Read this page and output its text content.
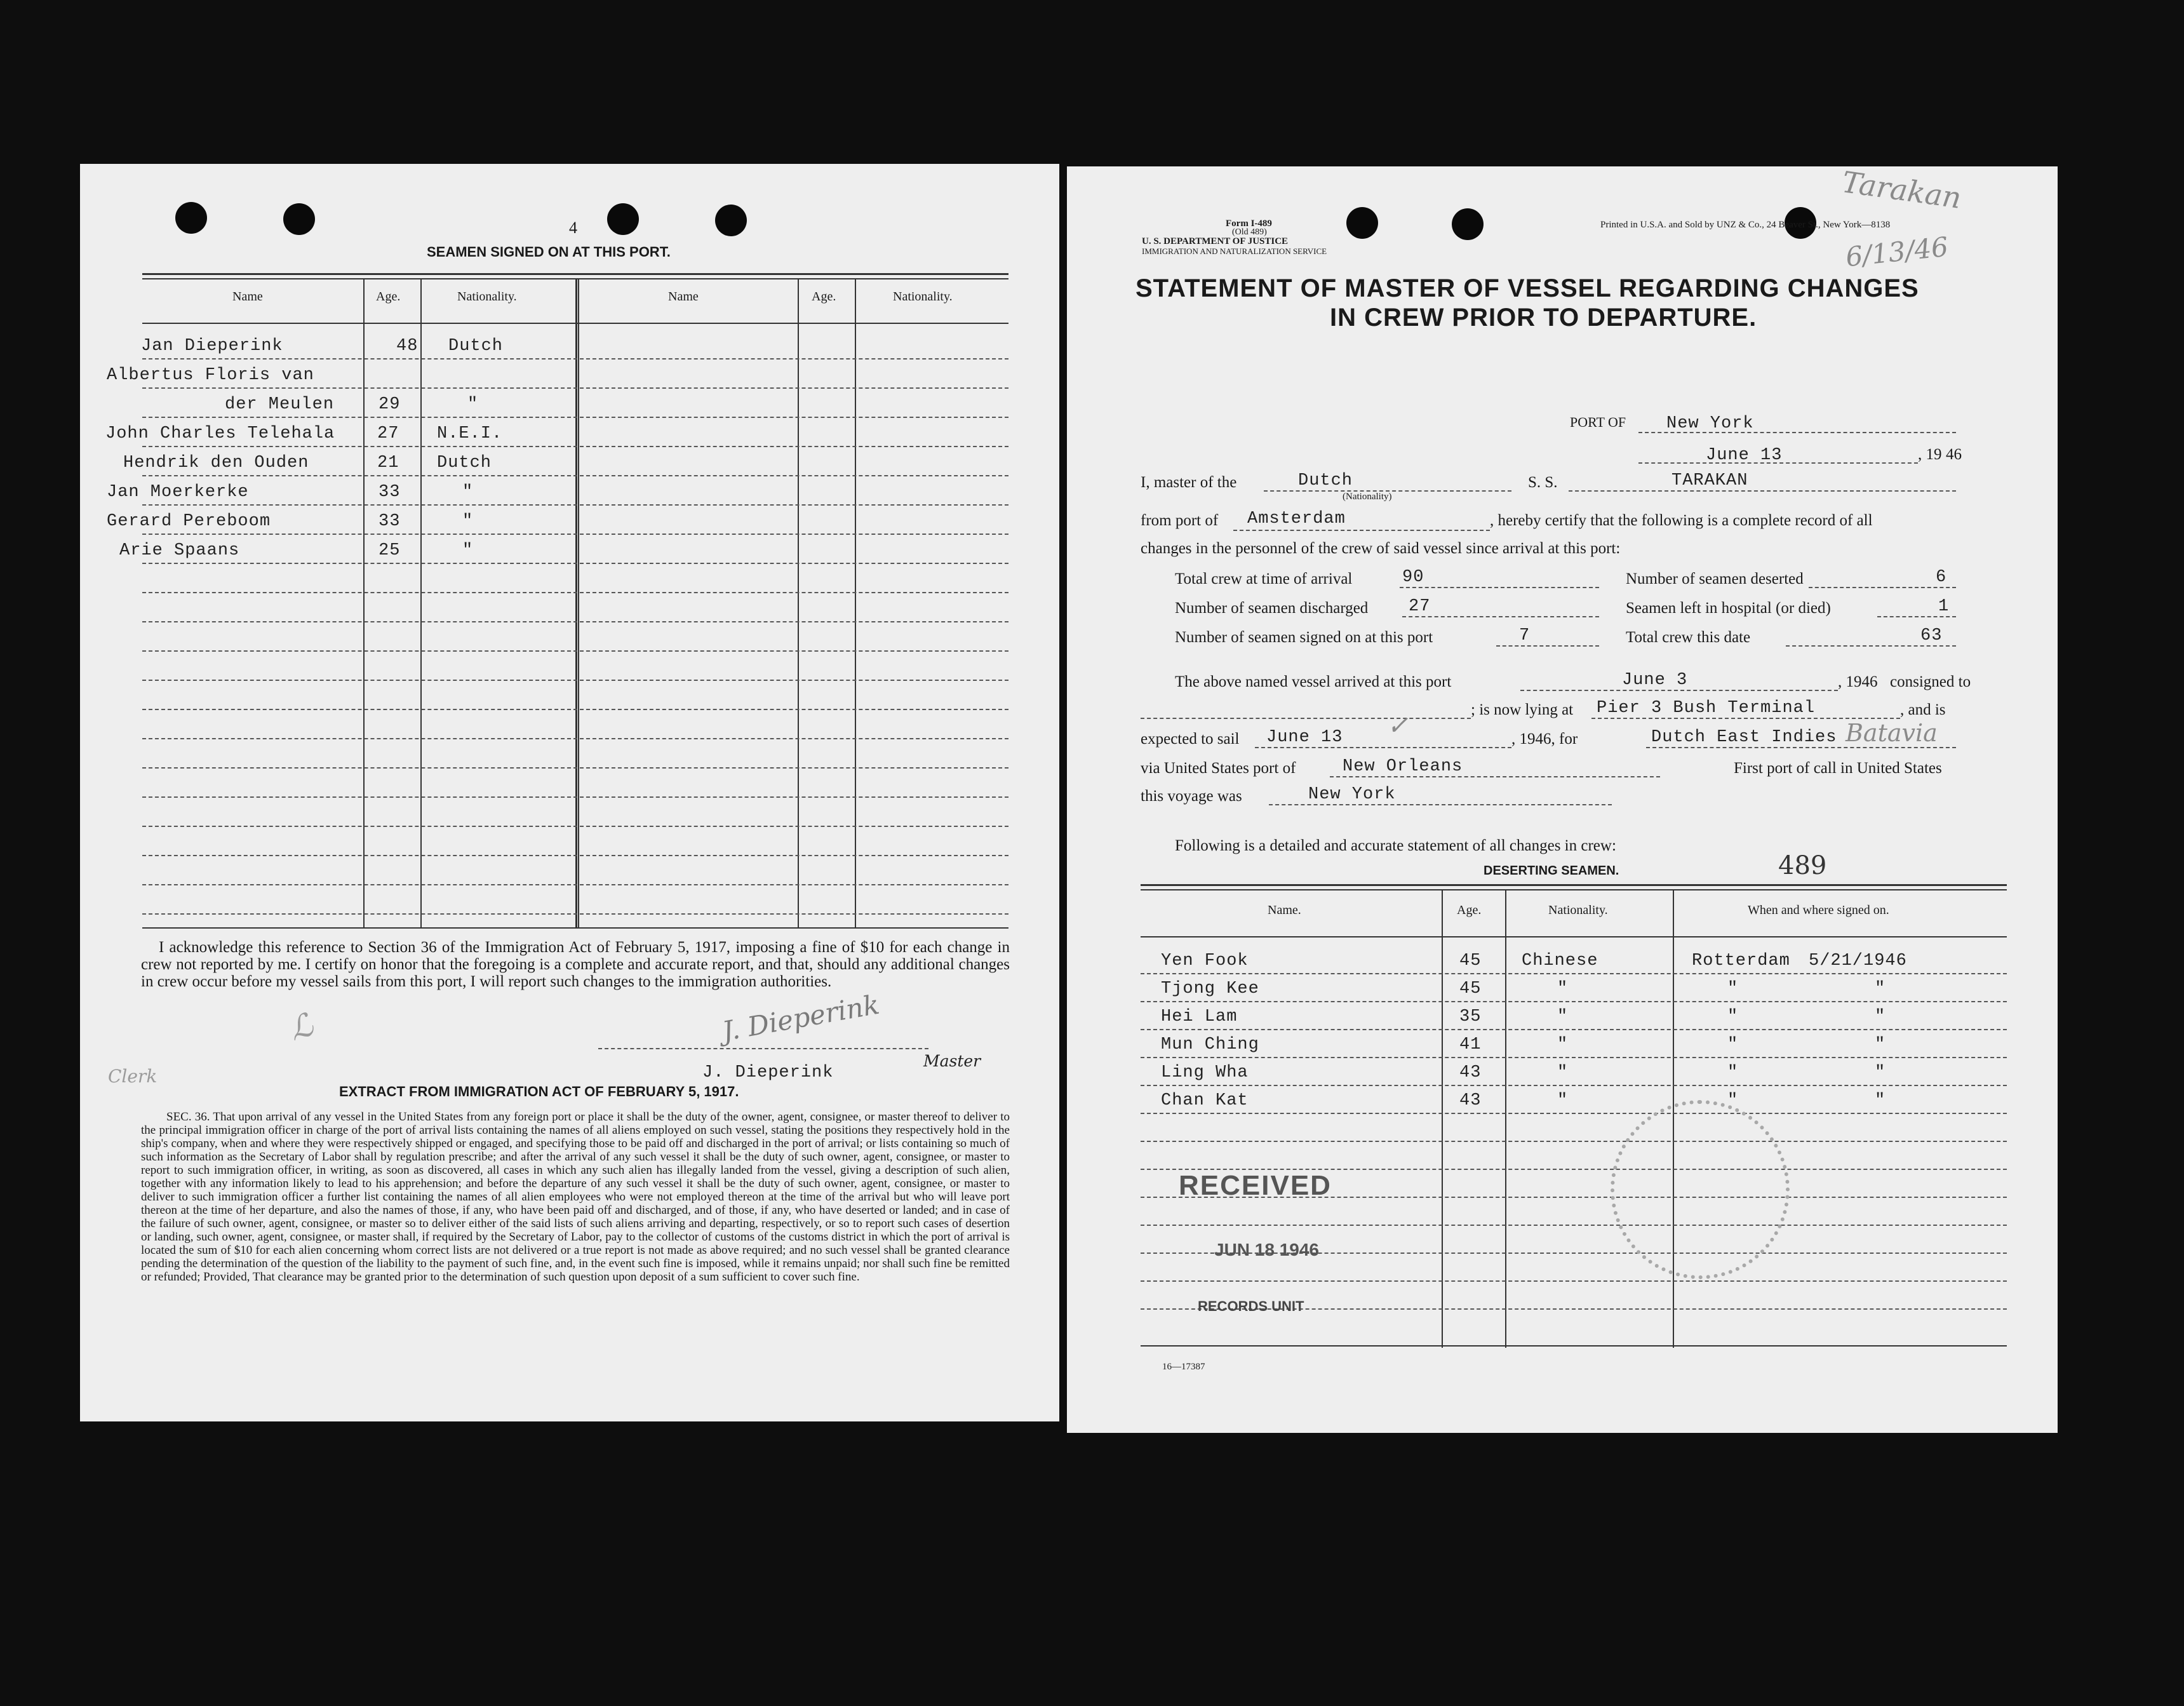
4
SEAMEN SIGNED ON AT THIS PORT.
Name	Age.	Nationality.	Name	Age.	Nationality.
Jan Dieperink	48 Dutch
Albertus Floris van
der Meulen	29	"
John Charles Telehala 27 N.E.I.
Hendrik den Ouden	21 Dutch
Jan Moerkerke	33	"
Gerard Pereboom	33	"
Arie Spaans	25	"
I acknowledge this reference to Section 36 of the Immigration Act of February 5, 1917, imposing a fine of $10 for each change in crew not reported by me. I certify on honor that the foregoing is a complete and accurate report, and that, should any additional changes in crew occur before my vessel sails from this port, I will report such changes to the immigration authorities.
J. Dieperink
ℒ
Clerk
Master
J. Dieperink
EXTRACT FROM IMMIGRATION ACT OF FEBRUARY 5, 1917.
SEC. 36. That upon arrival of any vessel in the United States from any foreign port or place it shall be the duty of the owner, agent, consignee, or master thereof to deliver to the principal immigration officer in charge of the port of arrival lists containing the names of all aliens employed on such vessel, stating the positions they respectively hold in the ship's company, when and where they were respectively shipped or engaged, and specifying those to be paid off and discharged in the port of arrival; or lists containing so much of such information as the Secretary of Labor shall by regulation prescribe; and after the arrival of any such vessel it shall be the duty of such owner, agent, consignee, or master to report to such immigration officer, in writing, as soon as discovered, all cases in which any such alien has illegally landed from the vessel, giving a description of such alien, together with any information likely to lead to his apprehension; and before the departure of any such vessel it shall be the duty of such owner, agent, consignee, or master to deliver to such immigration officer a further list containing the names of all alien employees who were not employed thereon at the time of the arrival but who will leave port thereon at the time of her departure, and also the names of those, if any, who have been paid off and discharged, and of those, if any, who have deserted or landed; and in case of the failure of such owner, agent, consignee, or master so to deliver either of the said lists of such aliens arriving and departing, respectively, or so to report such cases of desertion or landing, such owner, agent, consignee, or master shall, if required by the Secretary of Labor, pay to the collector of customs of the customs district in which the port of arrival is located the sum of $10 for each alien concerning whom correct lists are not delivered or a true report is not made as above required; and no such vessel shall be granted clearance pending the determination of the question of the liability to the payment of such fine, and, in the event such fine is imposed, while it remains unpaid; nor shall such fine be remitted or refunded; Provided, That clearance may be granted prior to the determination of such question upon deposit of a sum sufficient to cover such fine.
Form I-489
(Old 489)
U. S. DEPARTMENT OF JUSTICE
IMMIGRATION AND NATURALIZATION SERVICE
Printed in U.S.A. and Sold by UNZ & Co., 24 Beaver St., New York—8138
Tarakan
6/13/46
STATEMENT OF MASTER OF VESSEL REGARDING CHANGES
IN CREW PRIOR TO DEPARTURE.
PORT OF New York
June 13	, 19 46
I, master of the	Dutch
(Nationality)
S. S.	TARAKAN
from port of Amsterdam	, hereby certify that the following is a complete record of all
changes in the personnel of the crew of said vessel since arrival at this port:
Total crew at time of arrival	90	Number of seamen deserted	6
Number of seamen discharged 27	Seamen left in hospital (or died)	1
Number of seamen signed on at this port	7	Total crew this date	63
The above named vessel arrived at this port	June 3	, 1946 consigned to
; is now lying at Pier 3 Bush Terminal	, and is
expected to sail June 13 ✓	, 1946, for	Dutch East Indies Batavia
via United States port of	New Orleans	First port of call in United States
this voyage was	New York
Following is a detailed and accurate statement of all changes in crew:
DESERTING SEAMEN.	489
Name.	Age.	Nationality.	When and where signed on.
Yen Fook	45 Chinese	Rotterdam 5/21/1946
Tjong Kee	45	"	"	"
Hei Lam	35	"	"	"
Mun Ching	41	"	"	"
Ling Wha	43	"	"	"
Chan Kat	43	"	"	"
RECEIVED
JUN 18 1946
RECORDS UNIT
16—17387
